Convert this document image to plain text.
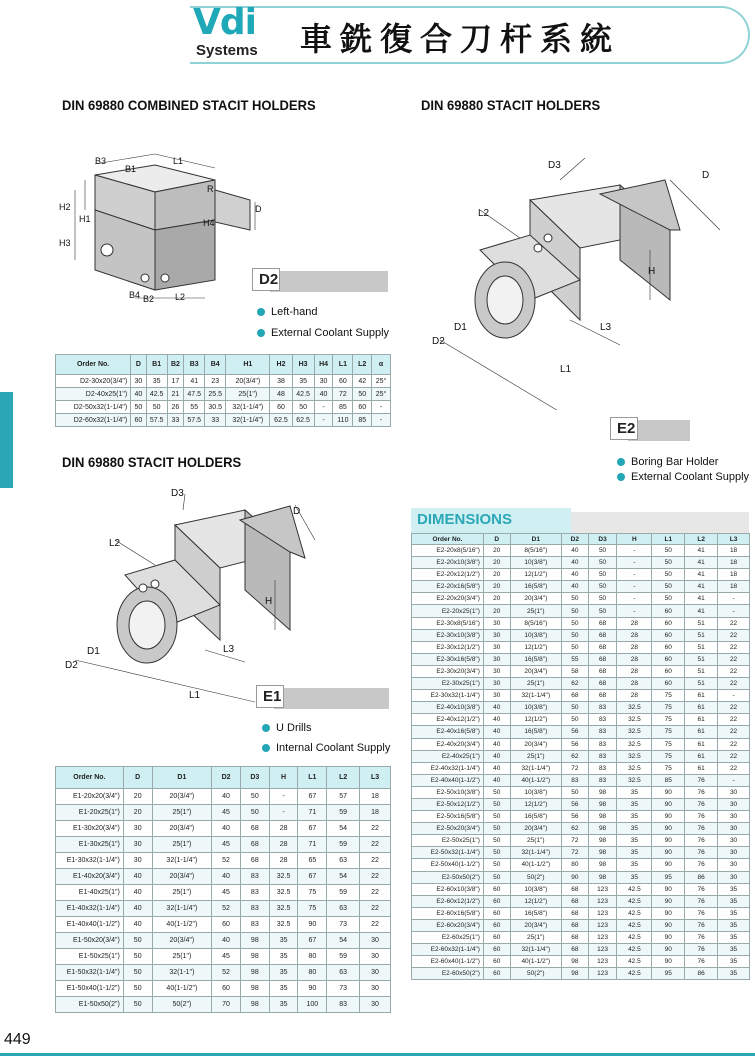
Vdi
Systems 車銑復合刀杆系統
DIN 69880 COMBINED STACIT HOLDERS	DIN 69880 STACIT HOLDERS
DIN 69880 STACIT HOLDERS
B3
B1
L1
H2
H1
H3
H4
D
B4 B2 L2
R
D2
Left-hand
External Coolant Supply
Order No.	D	B1	B2	B3	B4	H1	H2	H3	H4	L1	L2	α
D2-30x20(3/4")	30	35	17	41	23	20(3/4")	38	35	30	60	42	25°
D2-40x25(1")	40	42.5	21	47.5	25.5	25(1")	48	42.5	40	72	50	25°
D2-50x32(1-1/4")	50	50	26	55	30.5	32(1-1/4")	60	50	-	85	60	-
D2-60x32(1-1/4")	60	57.5	33	57.5	33	32(1-1/4")	62.5	62.5	-	110	85	-
D3
D
L2
H
D1
D2
L3
L1
E2
Boring Bar Holder
External Coolant Supply
D3
D
L2
H
D1
D2
L3
L1	E1
U Drills
Internal Coolant Supply
Order No.	D	D1	D2	D3	H	L1	L2	L3
E1-20x20(3/4")	20	20(3/4")	40	50	-	67	57	18
E1-20x25(1")	20	25(1")	45	50	-	71	59	18
E1-30x20(3/4")	30	20(3/4")	40	68	28	67	54	22
E1-30x25(1")	30	25(1")	45	68	28	71	59	22
E1-30x32(1-1/4")	30	32(1-1/4")	52	68	28	65	63	22
E1-40x20(3/4")	40	20(3/4")	40	83	32.5	67	54	22
E1-40x25(1")	40	25(1")	45	83	32.5	75	59	22
E1-40x32(1-1/4")	40	32(1-1/4")	52	83	32.5	75	63	22
E1-40x40(1-1/2")	40	40(1-1/2")	60	83	32.5	90	73	22
E1-50x20(3/4")	50	20(3/4")	40	98	35	67	54	30
E1-50x25(1")	50	25(1")	45	98	35	80	59	30
E1-50x32(1-1/4")	50	32(1-1")	52	98	35	80	63	30
E1-50x40(1-1/2")	50	40(1-1/2")	60	98	35	90	73	30
E1-50x50(2")	50	50(2")	70	98	35	100	83	30
DIMENSIONS
Order No.	D	D1	D2	D3	H	L1	L2	L3
E2-20x8(5/16")	20	8(5/16")	40	50	-	50	41	18
E2-20x10(3/8")	20	10(3/8")	40	50	-	50	41	18
E2-20x12(1/2")	20	12(1/2")	40	50	-	50	41	18
E2-20x16(5/8")	20	16(5/8")	40	50	-	50	41	18
E2-20x20(3/4")	20	20(3/4")	50	50	-	50	41	-
E2-20x25(1")	20	25(1")	50	50	-	60	41	-
E2-30x8(5/16")	30	8(5/16")	50	68	28	60	51	22
E2-30x10(3/8")	30	10(3/8")	50	68	28	60	51	22
E2-30x12(1/2")	30	12(1/2")	50	68	28	60	51	22
E2-30x16(5/8")	30	16(5/8")	55	68	28	60	51	22
E2-30x20(3/4")	30	20(3/4")	58	68	28	60	51	22
E2-30x25(1")	30	25(1")	62	68	28	60	51	22
E2-30x32(1-1/4")	30	32(1-1/4")	68	68	28	75	61	-
E2-40x10(3/8")	40	10(3/8")	50	83	32.5	75	61	22
E2-40x12(1/2")	40	12(1/2")	50	83	32.5	75	61	22
E2-40x16(5/8")	40	16(5/8")	56	83	32.5	75	61	22
E2-40x20(3/4")	40	20(3/4")	56	83	32.5	75	61	22
E2-40x25(1")	40	25(1")	62	83	32.5	75	61	22
E2-40x32(1-1/4")	40	32(1-1/4")	72	83	32.5	75	61	22
E2-40x40(1-1/2")	40	40(1-1/2")	83	83	32.5	85	76	-
E2-50x10(3/8")	50	10(3/8")	50	98	35	90	76	30
E2-50x12(1/2")	50	12(1/2")	56	98	35	90	76	30
E2-50x16(5/8")	50	16(5/8")	56	98	35	90	76	30
E2-50x20(3/4")	50	20(3/4")	62	98	35	90	76	30
E2-50x25(1")	50	25(1")	72	98	35	90	76	30
E2-50x32(1-1/4")	50	32(1-1/4")	72	98	35	90	76	30
E2-50x40(1-1/2")	50	40(1-1/2")	80	98	35	90	76	30
E2-50x50(2")	50	50(2")	90	98	35	95	86	30
E2-60x10(3/8")	60	10(3/8")	68	123	42.5	90	76	35
E2-60x12(1/2")	60	12(1/2")	68	123	42.5	90	76	35
E2-60x16(5/8")	60	16(5/8")	68	123	42.5	90	76	35
E2-60x20(3/4")	60	20(3/4")	68	123	42.5	90	76	35
E2-60x25(1")	60	25(1")	68	123	42.5	90	76	35
E2-60x32(1-1/4")	60	32(1-1/4")	68	123	42.5	90	76	35
E2-60x40(1-1/2")	60	40(1-1/2")	98	123	42.5	90	76	35
E2-60x50(2")	60	50(2")	98	123	42.5	95	86	35
449
